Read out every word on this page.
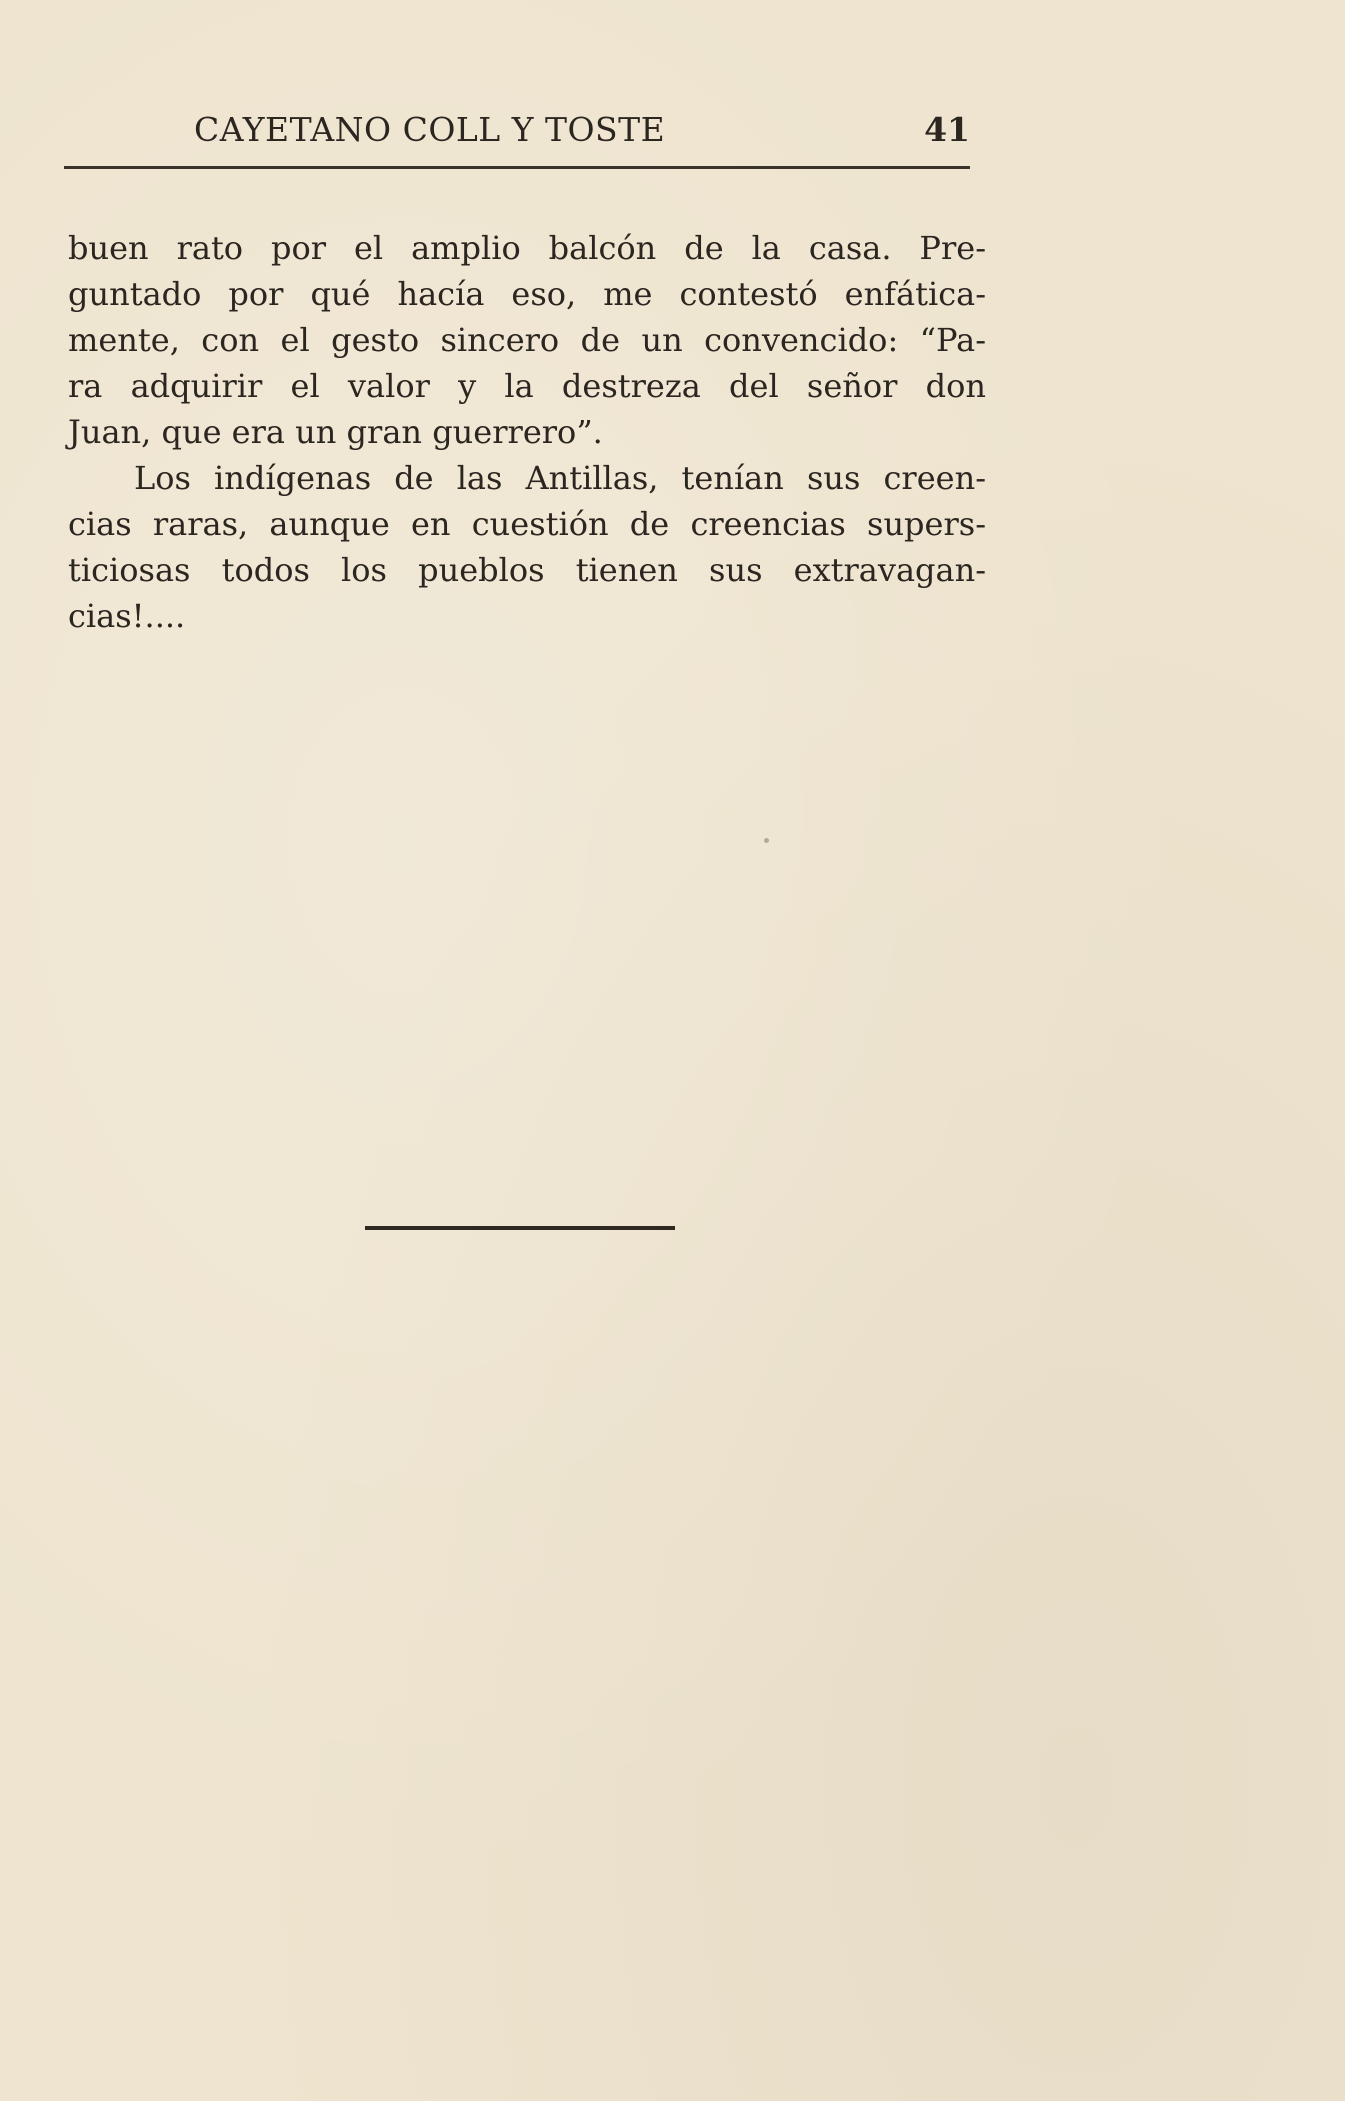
CAYETANO COLL Y TOSTE	41
buen rato por el amplio balcón de la casa. Pre-
guntado por qué hacía eso, me contestó enfática-
mente, con el gesto sincero de un convencido: “Pa-
ra adquirir el valor y la destreza del señor don
Juan, que era un gran guerrero”.
Los indígenas de las Antillas, tenían sus creen-
cias raras, aunque en cuestión de creencias supers-
ticiosas todos los pueblos tienen sus extravagan-
cias!....
